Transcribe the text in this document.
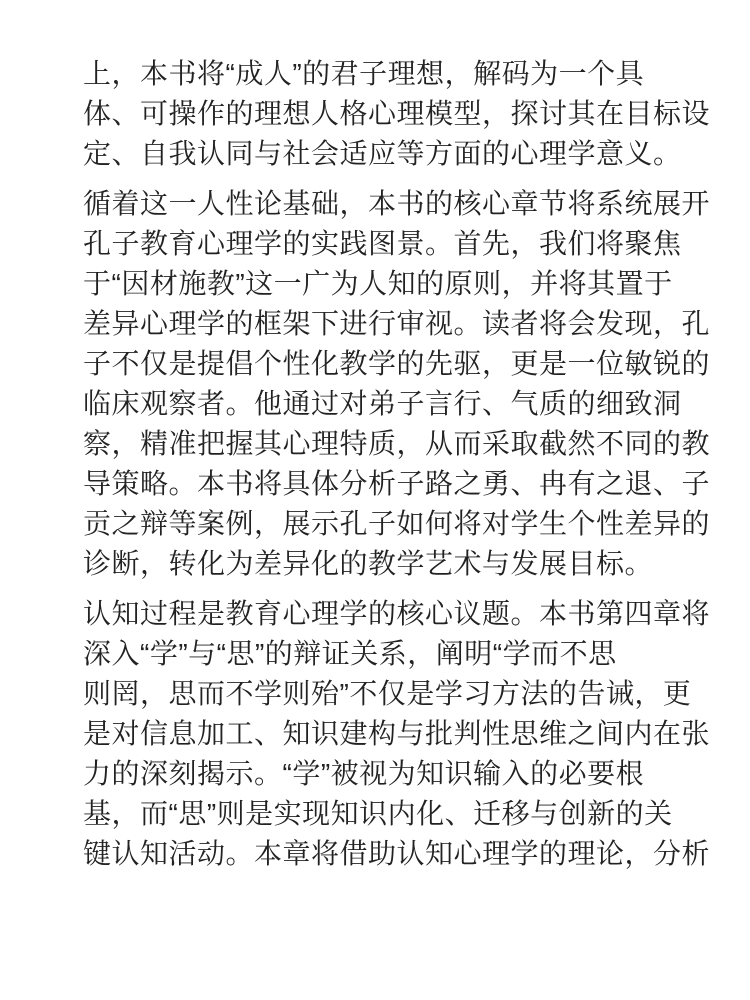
上，本书将“成人”的君子理想，解码为一个具
体、可操作的理想人格心理模型，探讨其在目标设
定、自我认同与社会适应等方面的心理学意义。
循着这一人性论基础，本书的核心章节将系统展开
孔子教育心理学的实践图景。首先，我们将聚焦
于“因材施教”这一广为人知的原则，并将其置于
差异心理学的框架下进行审视。读者将会发现，孔
子不仅是提倡个性化教学的先驱，更是一位敏锐的
临床观察者。他通过对弟子言行、气质的细致洞
察，精准把握其心理特质，从而采取截然不同的教
导策略。本书将具体分析子路之勇、冉有之退、子
贡之辩等案例，展示孔子如何将对学生个性差异的
诊断，转化为差异化的教学艺术与发展目标。
认知过程是教育心理学的核心议题。本书第四章将
深入“学”与“思”的辩证关系，阐明“学而不思
则罔，思而不学则殆”不仅是学习方法的告诫，更
是对信息加工、知识建构与批判性思维之间内在张
力的深刻揭示。“学”被视为知识输入的必要根
基，而“思”则是实现知识内化、迁移与创新的关
键认知活动。本章将借助认知心理学的理论，分析
